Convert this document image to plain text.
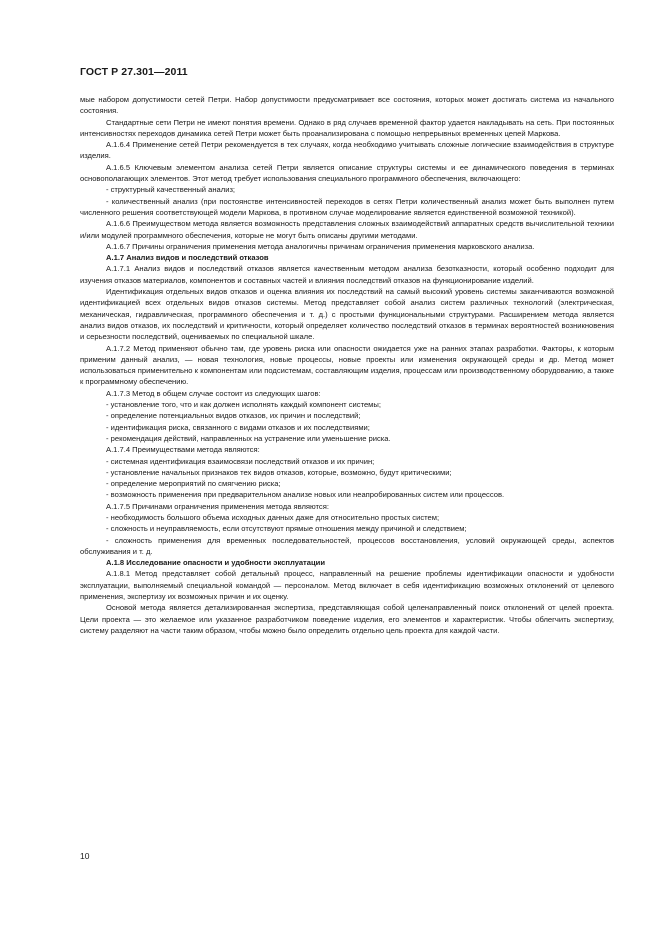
ГОСТ Р 27.301—2011

мые набором допустимости сетей Петри. Набор допустимости предусматривает все состояния, которых может достигать система из начального состояния.

Стандартные сети Петри не имеют понятия времени. Однако в ряд случаев временной фактор удается накладывать на сеть. При постоянных интенсивностях переходов динамика сетей Петри может быть проанализирована с помощью непрерывных временных цепей Маркова.

А.1.6.4 Применение сетей Петри рекомендуется в тех случаях, когда необходимо учитывать сложные логические взаимодействия в структуре изделия.

А.1.6.5 Ключевым элементом анализа сетей Петри является описание структуры системы и ее динамического поведения в терминах основополагающих элементов. Этот метод требует использования специального программного обеспечения, включающего:

- структурный качественный анализ;

- количественный анализ (при постоянстве интенсивностей переходов в сетях Петри количественный анализ может быть выполнен путем численного решения соответствующей модели Маркова, в противном случае моделирование является единственной возможной техникой).

А.1.6.6 Преимуществом метода является возможность представления сложных взаимодействий аппаратных средств вычислительной техники и/или модулей программного обеспечения, которые не могут быть описаны другими методами.

А.1.6.7 Причины ограничения применения метода аналогичны причинам ограничения применения марковского анализа.

А.1.7 Анализ видов и последствий отказов

А.1.7.1 Анализ видов и последствий отказов является качественным методом анализа безотказности, который особенно подходит для изучения отказов материалов, компонентов и составных частей и влияния последствий отказов на функционирование изделий.

Идентификация отдельных видов отказов и оценка влияния их последствий на самый высокий уровень системы заканчиваются возможной идентификацией всех отдельных видов отказов системы. Метод представляет собой анализ систем различных технологий (электрическая, механическая, гидравлическая, программного обеспечения и т. д.) с простыми функциональными структурами. Расширением метода является анализ видов отказов, их последствий и критичности, который определяет количество последствий отказов в терминах вероятностей возникновения и серьезности последствий, оцениваемых по специальной шкале.

А.1.7.2 Метод применяют обычно там, где уровень риска или опасности ожидается уже на ранних этапах разработки. Факторы, к которым применим данный анализ, — новая технология, новые процессы, новые проекты или изменения окружающей среды и др. Метод может использоваться применительно к компонентам или подсистемам, составляющим изделия, процессам или производственному оборудованию, а также к программному обеспечению.

А.1.7.3 Метод в общем случае состоит из следующих шагов:

- установление того, что и как должен исполнять каждый компонент системы;

- определение потенциальных видов отказов, их причин и последствий;

- идентификация риска, связанного с видами отказов и их последствиями;

- рекомендация действий, направленных на устранение или уменьшение риска.

А.1.7.4 Преимуществами метода являются:

- системная идентификация взаимосвязи последствий отказов и их причин;

- установление начальных признаков тех видов отказов, которые, возможно, будут критическими;

- определение мероприятий по смягчению риска;

- возможность применения при предварительном анализе новых или неапробированных систем или процессов.

А.1.7.5 Причинами ограничения применения метода являются:

- необходимость большого объема исходных данных даже для относительно простых систем;

- сложность и неуправляемость, если отсутствуют прямые отношения между причиной и следствием;

- сложность применения для временных последовательностей, процессов восстановления, условий окружающей среды, аспектов обслуживания и т. д.

А.1.8 Исследование опасности и удобности эксплуатации

А.1.8.1 Метод представляет собой детальный процесс, направленный на решение проблемы идентификации опасности и удобности эксплуатации, выполняемый специальной командой — персоналом. Метод включает в себя идентификацию возможных отклонений от целевого применения, экспертизу их возможных причин и их оценку.

Основой метода является детализированная экспертиза, представляющая собой целенаправленный поиск отклонений от целей проекта. Цели проекта — это желаемое или указанное разработчиком поведение изделия, его элементов и характеристик. Чтобы облегчить экспертизу, систему разделяют на части таким образом, чтобы можно было определить отдельно цель проекта для каждой части.

10
